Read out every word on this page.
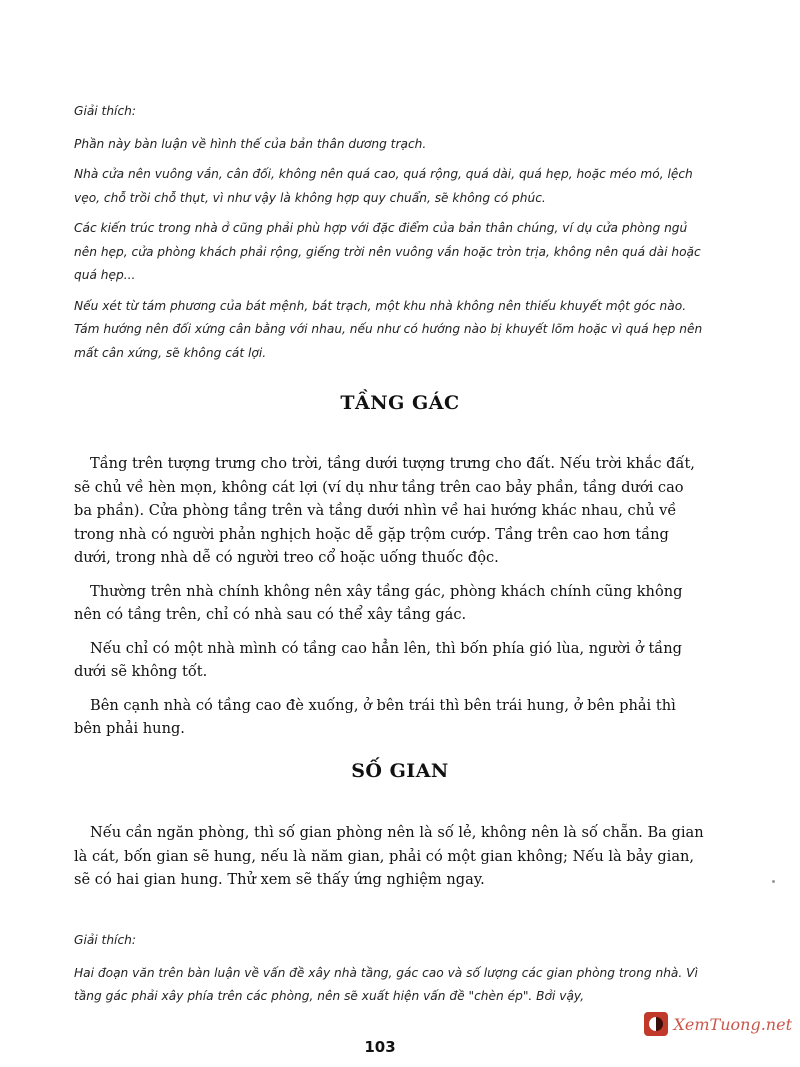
Giải thích:

Phần này bàn luận về hình thế của bản thân dương trạch.

Nhà cửa nên vuông vắn, cân đối, không nên quá cao, quá rộng, quá dài, quá hẹp, hoặc méo mó, lệch vẹo, chỗ trồi chỗ thụt, vì như vậy là không hợp quy chuẩn, sẽ không có phúc.

Các kiến trúc trong nhà ở cũng phải phù hợp với đặc điểm của bản thân chúng, ví dụ cửa phòng ngủ nên hẹp, cửa phòng khách phải rộng, giếng trời nên vuông vắn hoặc tròn trịa, không nên quá dài hoặc quá hẹp...

Nếu xét từ tám phương của bát mệnh, bát trạch, một khu nhà không nên thiếu khuyết một góc nào. Tám hướng nên đối xứng cân bằng với nhau, nếu như có hướng nào bị khuyết lõm hoặc vì quá hẹp nên mất cân xứng, sẽ không cát lợi.

TẦNG GÁC

Tầng trên tượng trưng cho trời, tầng dưới tượng trưng cho đất. Nếu trời khắc đất, sẽ chủ về hèn mọn, không cát lợi (ví dụ như tầng trên cao bảy phần, tầng dưới cao ba phần). Cửa phòng tầng trên và tầng dưới nhìn về hai hướng khác nhau, chủ về trong nhà có người phản nghịch hoặc dễ gặp trộm cướp. Tầng trên cao hơn tầng dưới, trong nhà dễ có người treo cổ hoặc uống thuốc độc.

Thường trên nhà chính không nên xây tầng gác, phòng khách chính cũng không nên có tầng trên, chỉ có nhà sau có thể xây tầng gác.

Nếu chỉ có một nhà mình có tầng cao hẳn lên, thì bốn phía gió lùa, người ở tầng dưới sẽ không tốt.

Bên cạnh nhà có tầng cao đè xuống, ở bên trái thì bên trái hung, ở bên phải thì bên phải hung.

SỐ GIAN

Nếu cần ngăn phòng, thì số gian phòng nên là số lẻ, không nên là số chẵn. Ba gian là cát, bốn gian sẽ hung, nếu là năm gian, phải có một gian không; Nếu là bảy gian, sẽ có hai gian hung. Thử xem sẽ thấy ứng nghiệm ngay.

Giải thích:

Hai đoạn văn trên bàn luận về vấn đề xây nhà tầng, gác cao và số lượng các gian phòng trong nhà. Vì tầng gác phải xây phía trên các phòng, nên sẽ xuất hiện vấn đề "chèn ép". Bởi vậy,

103
XemTuong.net
